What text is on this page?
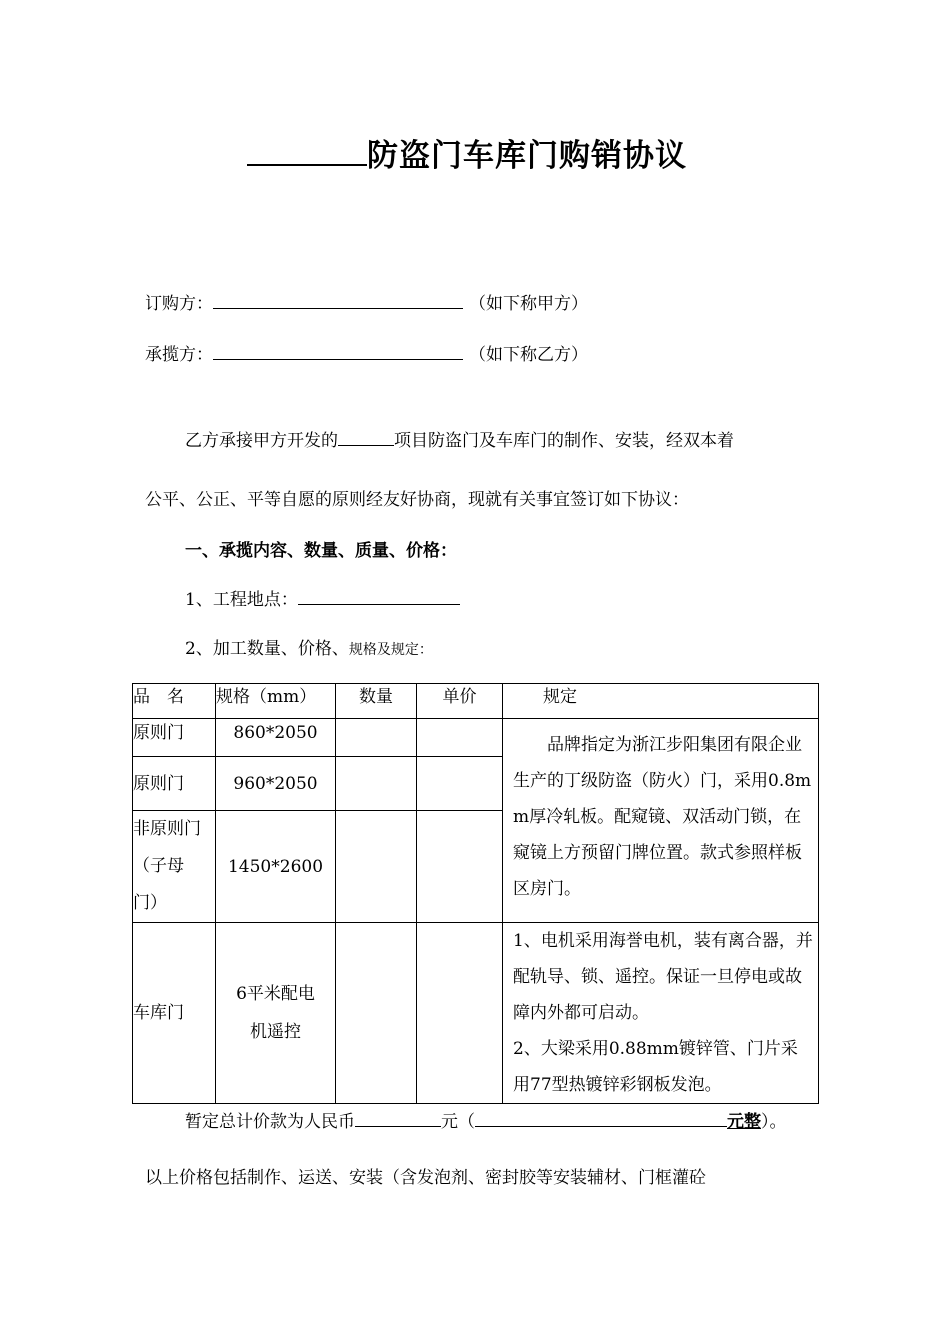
防盗门车库门购销协议
订购方：	（如下称甲方）
承揽方：	（如下称乙方）
乙方承接甲方开发的	项目防盗门及车库门的制作、安装，经双本着
公平、公正、平等自愿的原则经友好协商，现就有关事宜签订如下协议：
一、承揽内容、数量、质量、价格：
1、工程地点：
2、加工数量、价格、规格及规定：
品　名	规格（mm）	数量	单价	规定
原则门	860*2050			品牌指定为浙江步阳集团有限企业生产的丁级防盗（防火）门，采用0.8mm厚冷轧板。配窥镜、双活动门锁，在窥镜上方预留门牌位置。款式参照样板区房门。

原则门	960*2050			
非原则门（子母门）	1450*2600			
车库门	6平米配电机遥控			1、电机采用海誉电机，装有离合器，并配轨导、锁、遥控。保证一旦停电或故障内外都可启动。
2、大梁采用0.88mm镀锌管、门片采用77型热镀锌彩钢板发泡。
暂定总计价款为人民币	元（	元整）。
以上价格包括制作、运送、安装（含发泡剂、密封胶等安装辅材、门框灌砼
